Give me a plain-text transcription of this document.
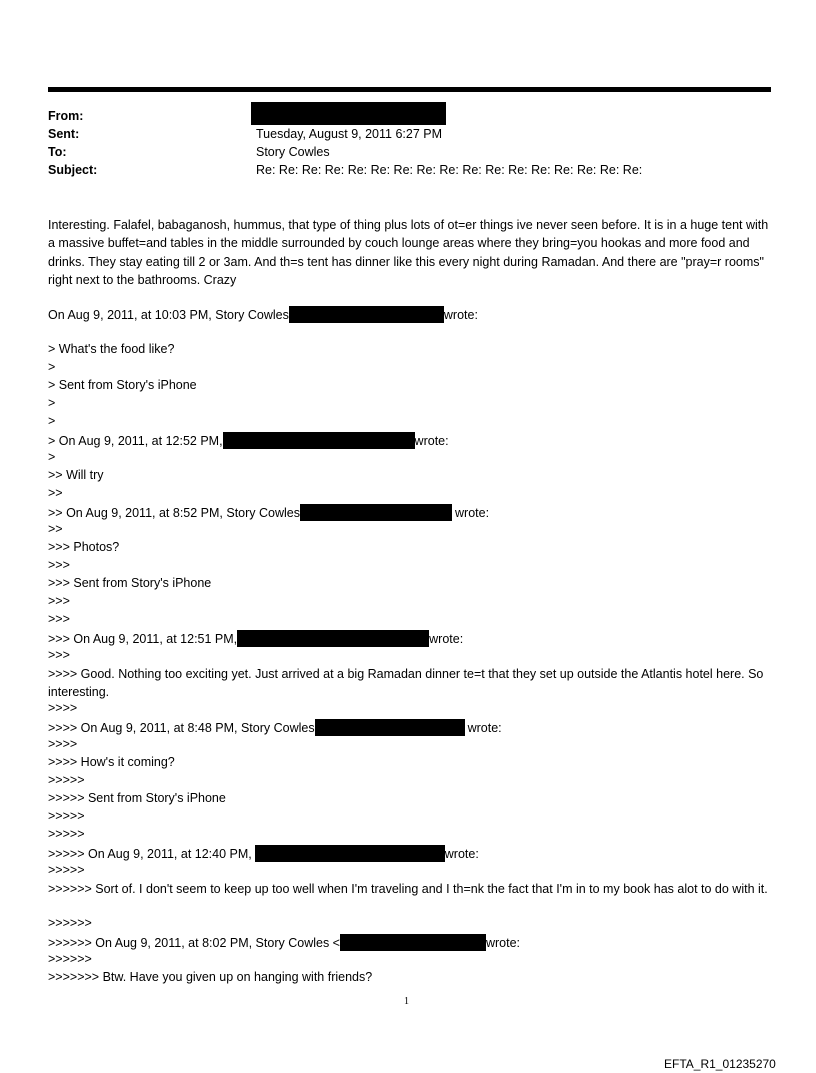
From:
Sent:	Tuesday, August 9, 2011 6:27 PM
To:	Story Cowles
Subject:	Re: Re: Re: Re: Re: Re: Re: Re: Re: Re: Re: Re: Re: Re: Re: Re: Re:
Interesting. Falafel, babaganosh, hummus, that type of thing plus lots of ot=er things ive never seen before. It is in a huge tent with a massive buffet=and tables in the middle surrounded by couch lounge areas where they bring=you hookas and more food and drinks. They stay eating till 2 or 3am. And th=s tent has dinner like this every night during Ramadan. And there are "pray=r rooms" right next to the bathrooms. Crazy
On Aug 9, 2011, at 10:03 PM, Story Cowles	wrote:
> What's the food like?
>
> Sent from Story's iPhone
>
>
> On Aug 9, 2011, at 12:52 PM,	wrote:
>
>> Will try
>>
>> On Aug 9, 2011, at 8:52 PM, Story Cowles	wrote:
>>
>>> Photos?
>>>
>>> Sent from Story's iPhone
>>>
>>>
>>> On Aug 9, 2011, at 12:51 PM,	wrote:
>>>
>>>> Good. Nothing too exciting yet. Just arrived at a big Ramadan dinner te=t that they set up outside the Atlantis hotel here. So interesting.
>>>>
>>>> On Aug 9, 2011, at 8:48 PM, Story Cowles	wrote:
>>>>
>>>> How's it coming?
>>>>>
>>>>> Sent from Story's iPhone
>>>>>
>>>>>
>>>>> On Aug 9, 2011, at 12:40 PM,	wrote:
>>>>>
>>>>>> Sort of. I don't seem to keep up too well when I'm traveling and I th=nk the fact that I'm in to my book has alot to do with it.
>>>>>>
>>>>>> On Aug 9, 2011, at 8:02 PM, Story Cowles <	wrote:
>>>>>>
>>>>>>> Btw. Have you given up on hanging with friends?
1
EFTA_R1_01235270
